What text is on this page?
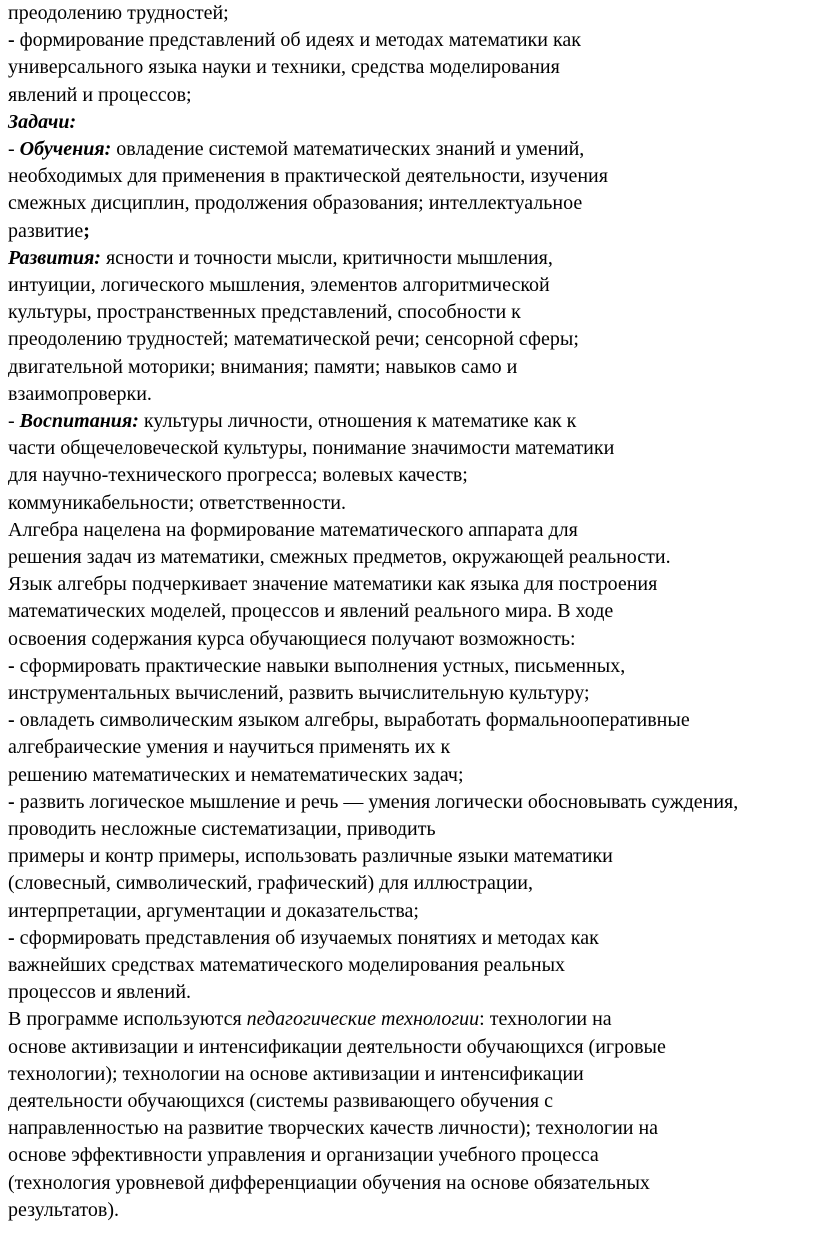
преодолению трудностей;
- формирование представлений об идеях и методах математики как
универсального языка науки и техники, средства моделирования
явлений и процессов;
Задачи:
- Обучения: овладение системой математических знаний и умений,
необходимых для применения в практической деятельности, изучения
смежных дисциплин, продолжения образования; интеллектуальное
развитие;
Развития: ясности и точности мысли, критичности мышления,
интуиции, логического мышления, элементов алгоритмической
культуры, пространственных представлений, способности к
преодолению трудностей; математической речи; сенсорной сферы;
двигательной моторики; внимания; памяти; навыков само и
взаимопроверки.
- Воспитания: культуры личности, отношения к математике как к
части общечеловеческой культуры, понимание значимости математики
для научно-технического прогресса; волевых качеств;
коммуникабельности; ответственности.
Алгебра нацелена на формирование математического аппарата для
решения задач из математики, смежных предметов, окружающей реальности.
Язык алгебры подчеркивает значение математики как языка для построения
математических моделей, процессов и явлений реального мира. В ходе
освоения содержания курса обучающиеся получают возможность:
- сформировать практические навыки выполнения устных, письменных,
инструментальных вычислений, развить вычислительную культуру;
- овладеть символическим языком алгебры, выработать формальнооперативные
алгебраические умения и научиться применять их к
решению математических и нематематических задач;
- развить логическое мышление и речь — умения логически обосновывать суждения,
проводить несложные систематизации, приводить
примеры и контр примеры, использовать различные языки математики
(словесный, символический, графический) для иллюстрации,
интерпретации, аргументации и доказательства;
- сформировать представления об изучаемых понятиях и методах как
важнейших средствах математического моделирования реальных
процессов и явлений.
В программе используются педагогические технологии: технологии на
основе активизации и интенсификации деятельности обучающихся (игровые
технологии); технологии на основе активизации и интенсификации
деятельности обучающихся (системы развивающего обучения с
направленностью на развитие творческих качеств личности); технологии на
основе эффективности управления и организации учебного процесса
(технология уровневой дифференциации обучения на основе обязательных
результатов).
